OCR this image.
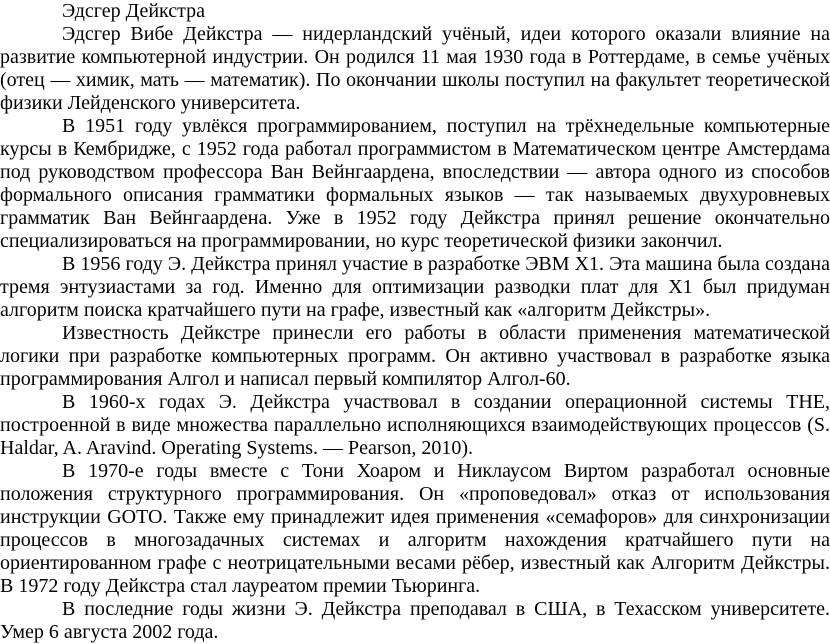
Эдсгер Дейкстра

Эдсгер Вибе Дейкстра — нидерландский учёный, идеи которого оказали влияние на развитие компьютерной индустрии. Он родился 11 мая 1930 года в Роттердаме, в семье учёных (отец — химик, мать — математик). По окончании школы поступил на факультет теоретической физики Лейденского университета.

В 1951 году увлёкся программированием, поступил на трёхнедельные компьютерные курсы в Кембридже, с 1952 года работал программистом в Математическом центре Амстердама под руководством профессора Ван Вейнгаардена, впоследствии — автора одного из способов формального описания грамматики формальных языков — так называемых двухуровневых грамматик Ван Вейнгаардена. Уже в 1952 году Дейкстра принял решение окончательно специализироваться на программировании, но курс теоретической физики закончил.

В 1956 году Э. Дейкстра принял участие в разработке ЭВМ X1. Эта машина была создана тремя энтузиастами за год. Именно для оптимизации разводки плат для X1 был придуман алгоритм поиска кратчайшего пути на графе, известный как «алгоритм Дейкстры».

Известность Дейкстре принесли его работы в области применения математической логики при разработке компьютерных программ. Он активно участвовал в разработке языка программирования Алгол и написал первый компилятор Алгол-60.

В 1960-х годах Э. Дейкстра участвовал в создании операционной системы THE, построенной в виде множества параллельно исполняющихся взаимодействующих процессов (S. Haldar, A. Aravind. Operating Systems. — Pearson, 2010).

В 1970-е годы вместе с Тони Хоаром и Никлаусом Виртом разработал основные положения структурного программирования. Он «проповедовал» отказ от использования инструкции GOTO. Также ему принадлежит идея применения «семафоров» для синхронизации процессов в многозадачных системах и алгоритм нахождения кратчайшего пути на ориентированном графе с неотрицательными весами рёбер, известный как Алгоритм Дейкстры. В 1972 году Дейкстра стал лауреатом премии Тьюринга.

В последние годы жизни Э. Дейкстра преподавал в США, в Техасском университете. Умер 6 августа 2002 года.
